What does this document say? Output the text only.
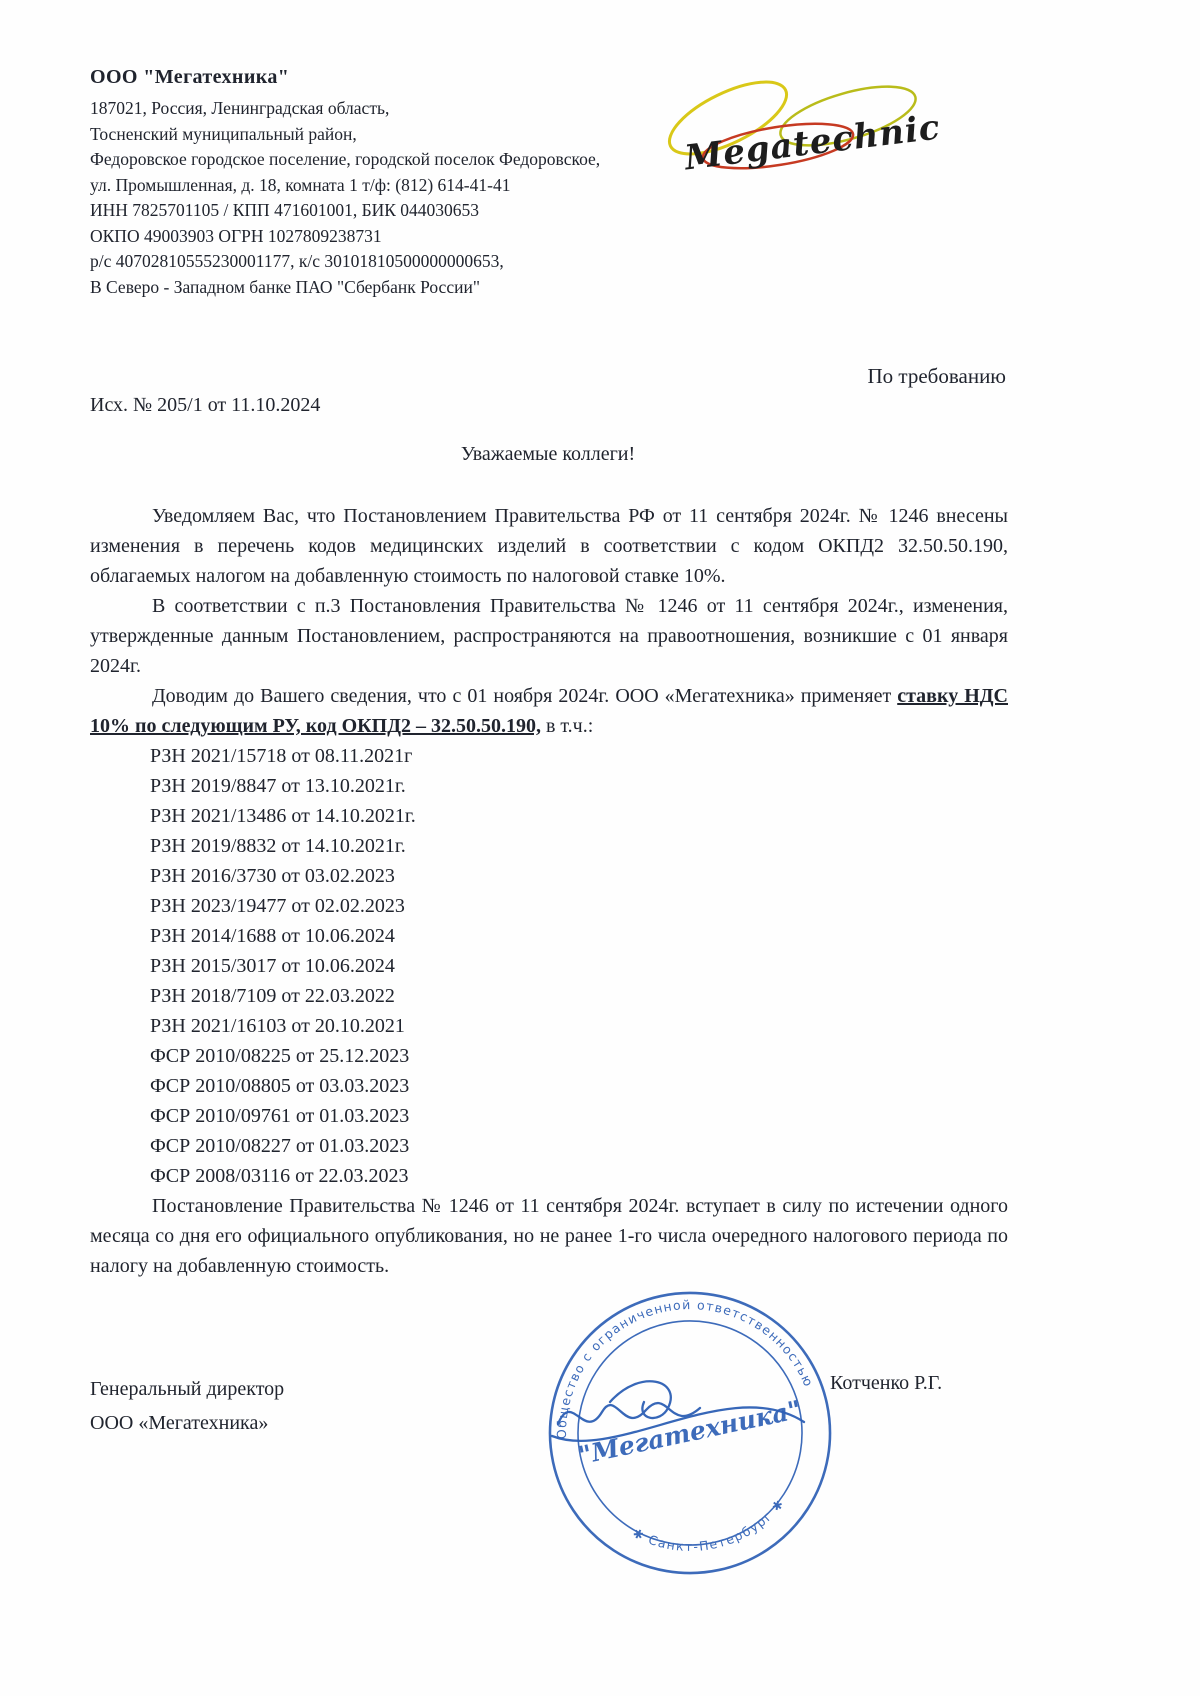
ООО "Мегатехника"
187021, Россия, Ленинградская область,
Тосненский муниципальный район,
Федоровское городское поселение, городской поселок Федоровское,
ул. Промышленная, д. 18, комната 1 т/ф: (812) 614-41-41
ИНН 7825701105 / КПП 471601001, БИК 044030653
ОКПО 49003903 ОГРН 1027809238731
р/с 40702810555230001177, к/с 30101810500000000653,
В Северо - Западном банке ПАО "Сбербанк России"
Megatechnica
По требованию
Исх. № 205/1 от 11.10.2024
Уважаемые коллеги!

Уведомляем Вас, что Постановлением Правительства РФ от 11 сентября 2024г. № 1246 внесены изменения в перечень кодов медицинских изделий в соответствии с кодом ОКПД2 32.50.50.190, облагаемых налогом на добавленную стоимость по налоговой ставке 10%.

В соответствии с п.3 Постановления Правительства № 1246 от 11 сентября 2024г., изменения, утвержденные данным Постановлением, распространяются на правоотношения, возникшие с 01 января 2024г.

Доводим до Вашего сведения, что с 01 ноября 2024г. ООО «Мегатехника» применяет ставку НДС 10% по следующим РУ, код ОКПД2 – 32.50.50.190, в т.ч.:

РЗН 2021/15718 от 08.11.2021г
РЗН 2019/8847 от 13.10.2021г.
РЗН 2021/13486 от 14.10.2021г.
РЗН 2019/8832 от 14.10.2021г.
РЗН 2016/3730 от 03.02.2023
РЗН 2023/19477 от 02.02.2023
РЗН 2014/1688 от 10.06.2024
РЗН 2015/3017 от 10.06.2024
РЗН 2018/7109 от 22.03.2022
РЗН 2021/16103 от 20.10.2021
ФСР 2010/08225 от 25.12.2023
ФСР 2010/08805 от 03.03.2023
ФСР 2010/09761 от 01.03.2023
ФСР 2010/08227 от 01.03.2023
ФСР 2008/03116 от 22.03.2023

Постановление Правительства № 1246 от 11 сентября 2024г. вступает в силу по истечении одного месяца со дня его официального опубликования, но не ранее 1-го числа очередного налогового периода по налогу на добавленную стоимость.

Генеральный директор
ООО «Мегатехника»
Котченко Р.Г.
Общество с ограниченной ответственностью
✱ Санкт-Петербург ✱
"Мегатехника"
